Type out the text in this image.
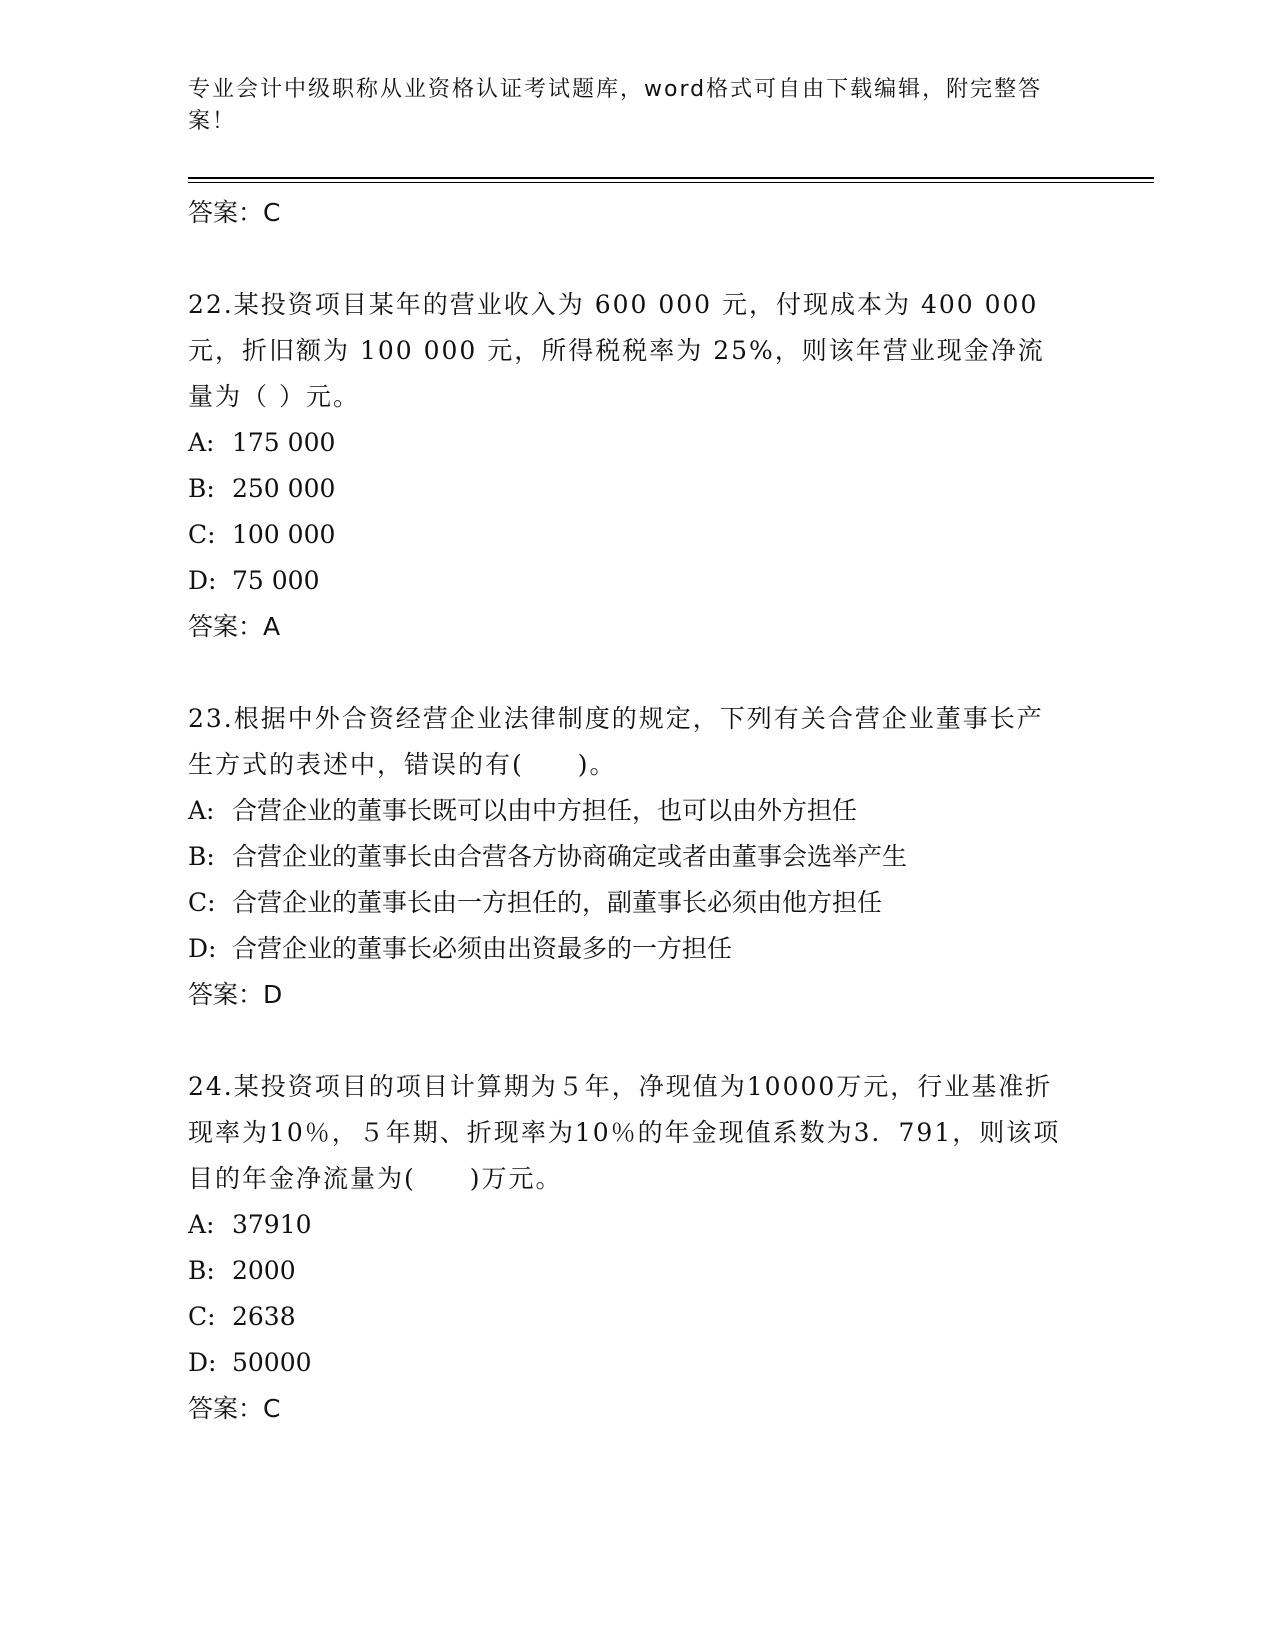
专业会计中级职称从业资格认证考试题库，word格式可自由下载编辑，附完整答案！
答案：C
22.某投资项目某年的营业收入为 600 000 元，付现成本为 400 000 元，折旧额为 100 000 元，所得税税率为 25%，则该年营业现金净流量为（ ）元。
A: 175 000
B: 250 000
C: 100 000
D: 75 000
答案：A
23.根据中外合资经营企业法律制度的规定，下列有关合营企业董事长产生方式的表述中，错误的有(　　)。
A: 合营企业的董事长既可以由中方担任，也可以由外方担任
B: 合营企业的董事长由合营各方协商确定或者由董事会选举产生
C: 合营企业的董事长由一方担任的，副董事长必须由他方担任
D: 合营企业的董事长必须由出资最多的一方担任
答案：D
24.某投资项目的项目计算期为５年，净现值为10000万元，行业基准折现率为10％，５年期、折现率为10％的年金现值系数为3．791，则该项目的年金净流量为(　　)万元。
A: 37910
B: 2000
C: 2638
D: 50000
答案：C
